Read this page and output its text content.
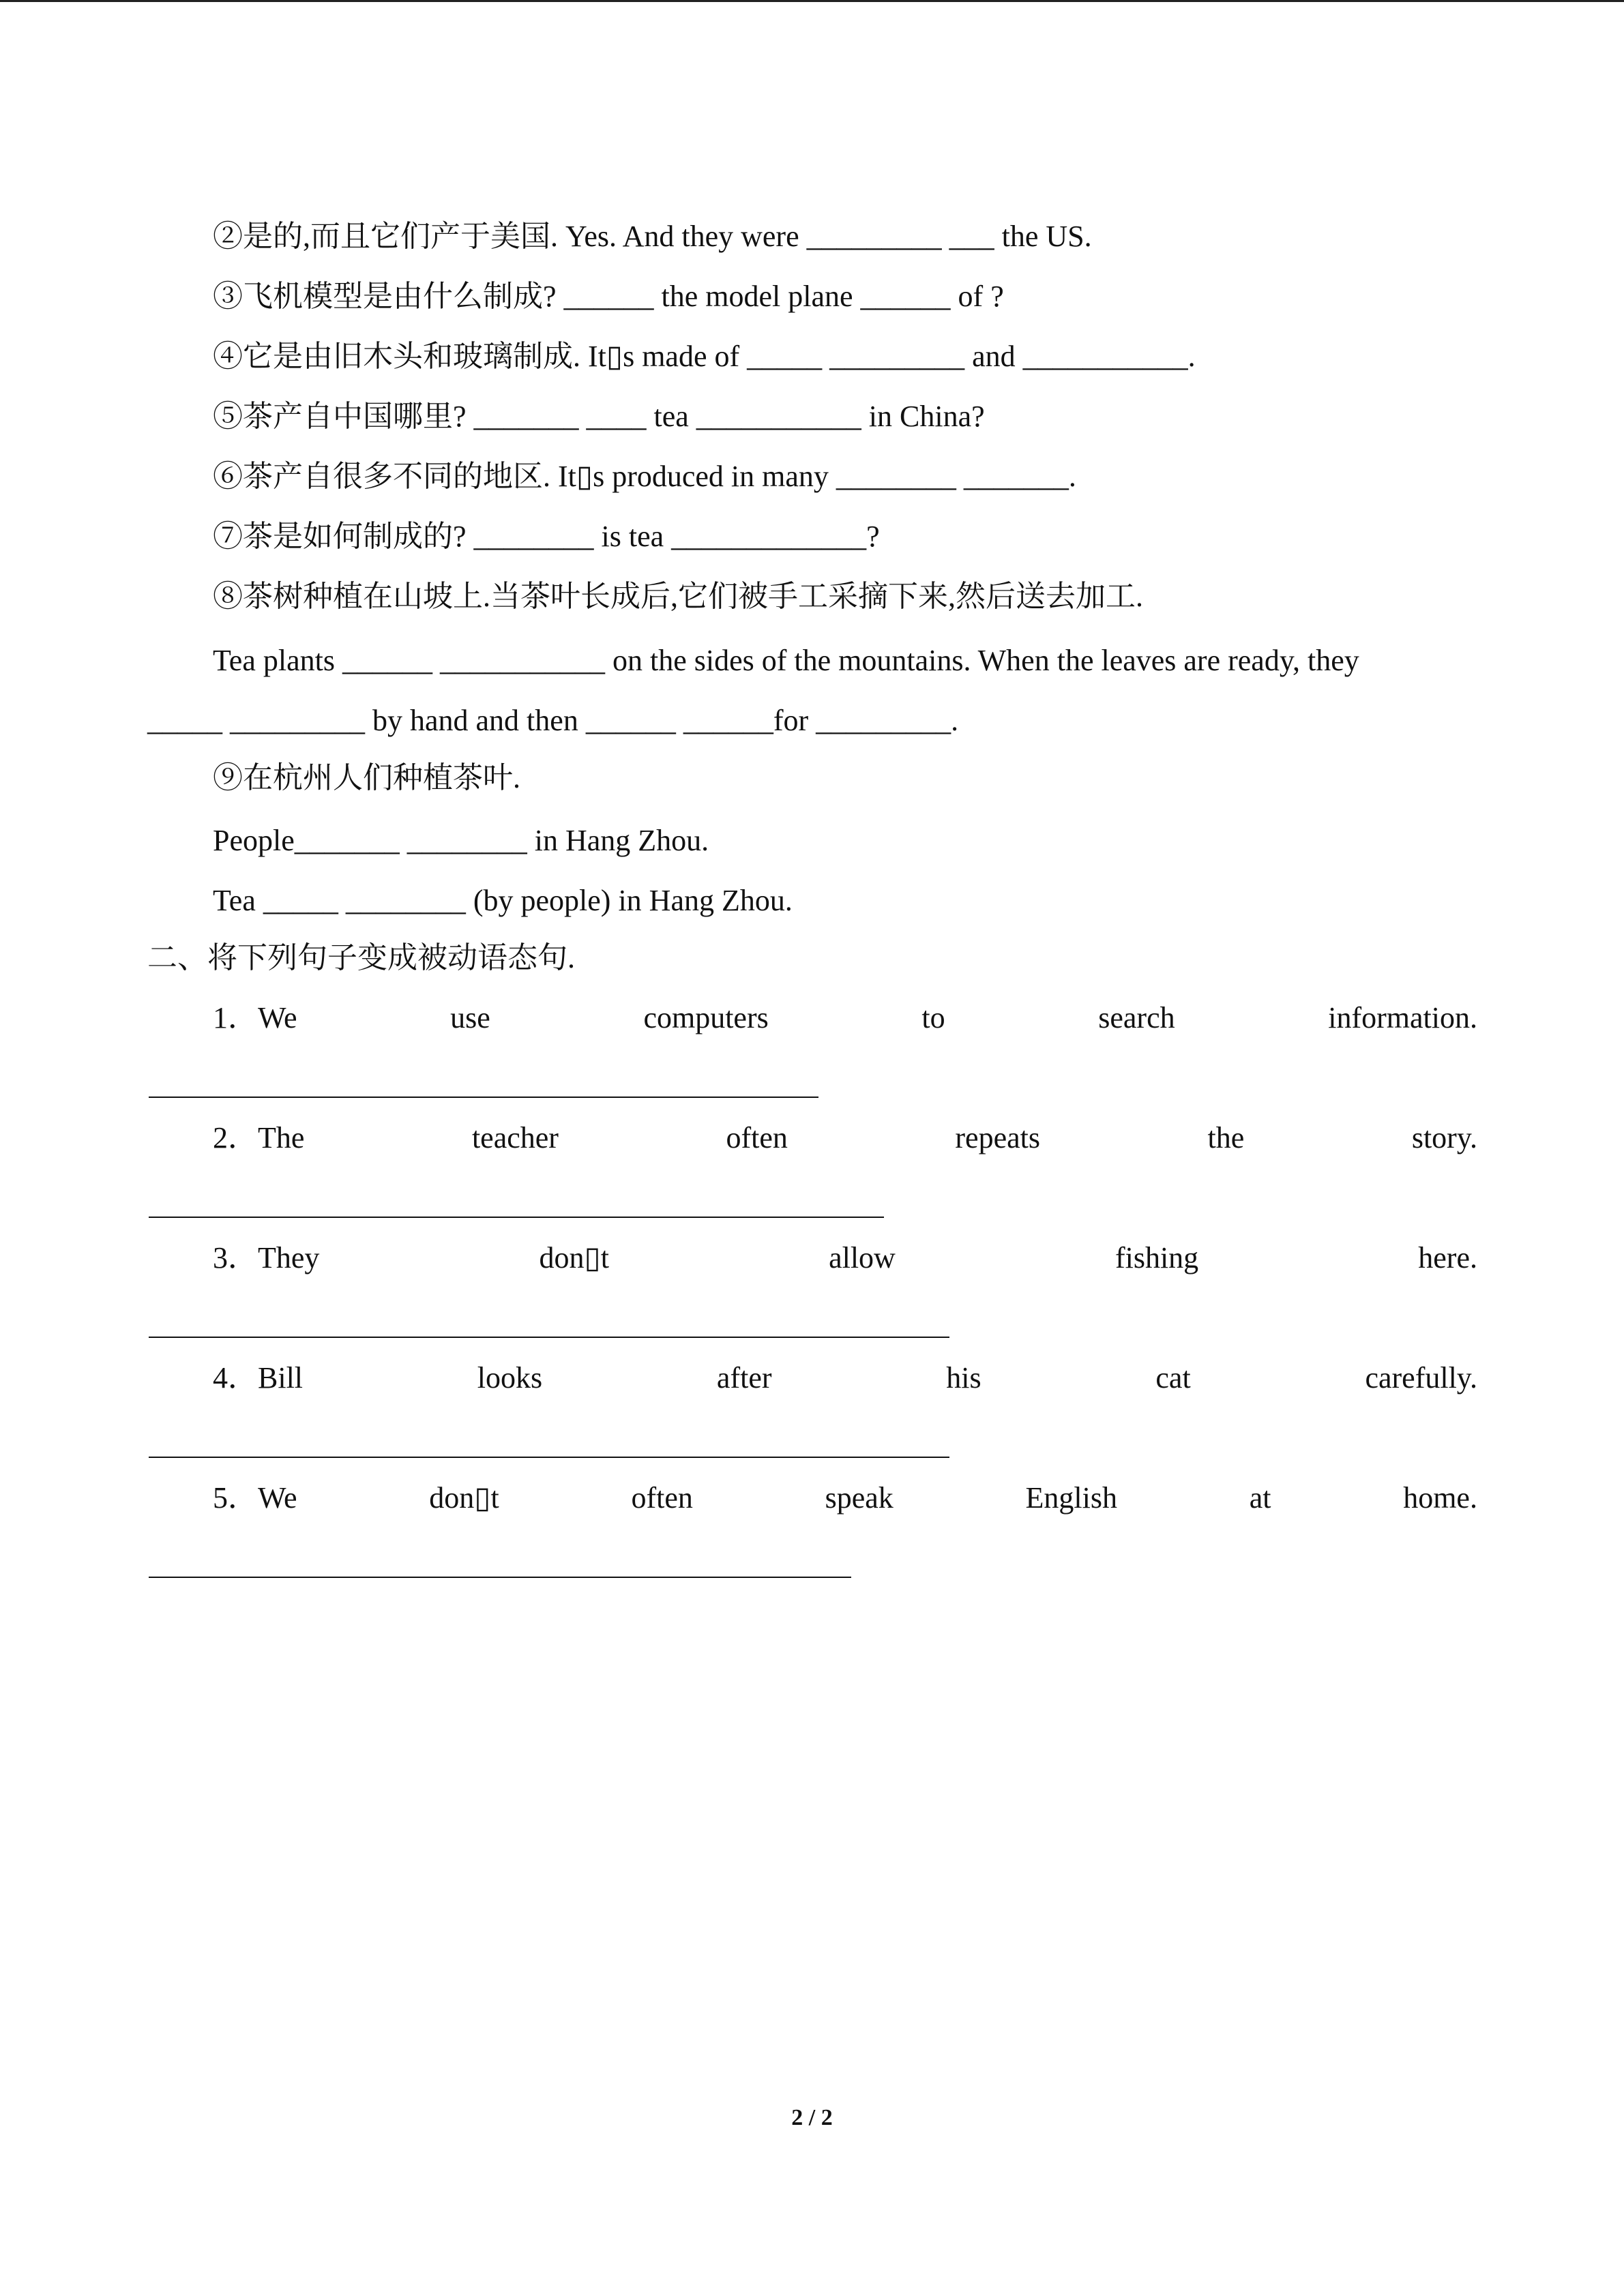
②是的,而且它们产于美国. Yes. And they were _________ ___ the US.
③飞机模型是由什么制成? ______ the model plane ______ of ?
④它是由旧木头和玻璃制成. It▯s made of _____ _________ and ___________.
⑤茶产自中国哪里? _______ ____ tea ___________ in China?
⑥茶产自很多不同的地区. It▯s produced in many ________ _______.
⑦茶是如何制成的? ________ is tea _____________?
⑧茶树种植在山坡上.当茶叶长成后,它们被手工采摘下来,然后送去加工.
Tea plants ______ ___________ on the sides of the mountains. When the leaves are ready, they
_____ _________ by hand and then ______ ______for _________.
⑨在杭州人们种植茶叶.
People_______ ________ in Hang Zhou.
Tea _____ ________ (by people) in Hang Zhou.
二、将下列句子变成被动语态句.
1．We	use	computers	to	search	information.
2．The	teacher	often	repeats	the	story.
3．They	don▯t	allow	fishing	here.
4．Bill	looks	after	his	cat	carefully.
5．We	don▯t	often	speak	English	at	home.
2 / 2
